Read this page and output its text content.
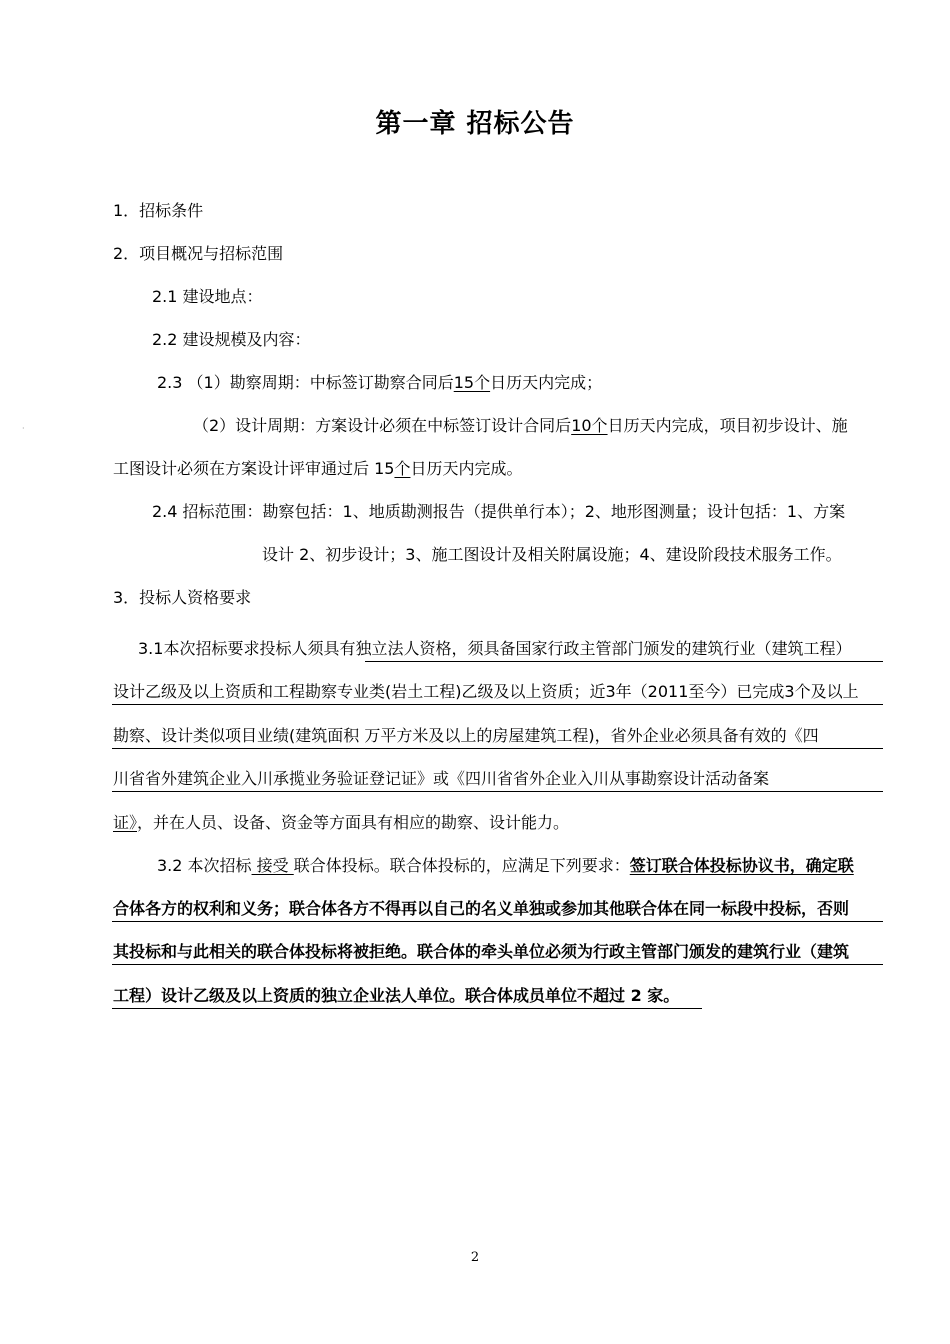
·
第一章 招标公告
1．招标条件
2．项目概况与招标范围
2.1 建设地点：
2.2 建设规模及内容：
2.3 （1）勘察周期：中标签订勘察合同后15个日历天内完成；
（2）设计周期：方案设计必须在中标签订设计合同后10个日历天内完成，项目初步设计、施
工图设计必须在方案设计评审通过后 15个日历天内完成。
2.4 招标范围：勘察包括：1、地质勘测报告（提供单行本）；2、地形图测量；设计包括：1、方案
设计 2、初步设计；3、施工图设计及相关附属设施；4、建设阶段技术服务工作。
3．投标人资格要求
3.1本次招标要求投标人须具有独立法人资格，须具备国家行政主管部门颁发的建筑行业（建筑工程）
设计乙级及以上资质和工程勘察专业类(岩土工程)乙级及以上资质；近3年（2011至今）已完成3个及以上
勘察、设计类似项目业绩(建筑面积 万平方米及以上的房屋建筑工程)，省外企业必须具备有效的《四
川省省外建筑企业入川承揽业务验证登记证》或《四川省省外企业入川从事勘察设计活动备案
证》，并在人员、设备、资金等方面具有相应的勘察、设计能力。
3.2 本次招标 接受 联合体投标。联合体投标的，应满足下列要求：签订联合体投标协议书，确定联
合体各方的权利和义务；联合体各方不得再以自己的名义单独或参加其他联合体在同一标段中投标，否则
其投标和与此相关的联合体投标将被拒绝。联合体的牵头单位必须为行政主管部门颁发的建筑行业（建筑
工程）设计乙级及以上资质的独立企业法人单位。联合体成员单位不超过 2 家。
2
